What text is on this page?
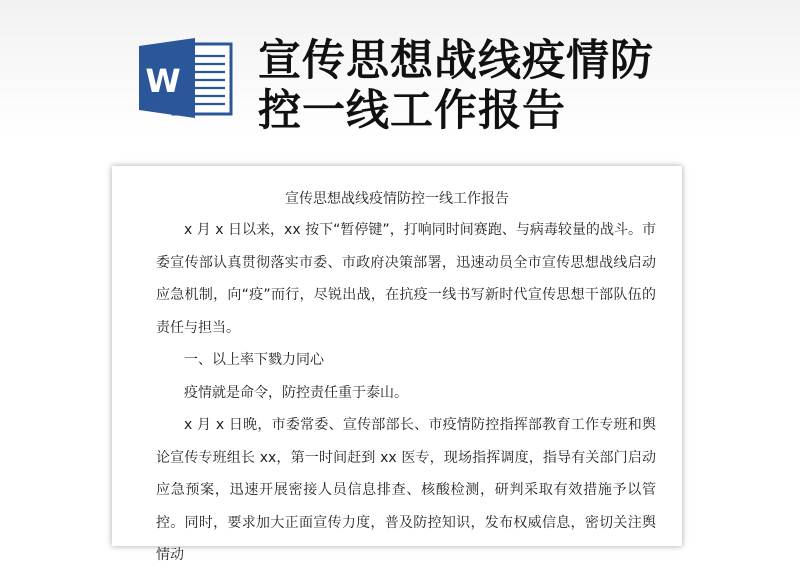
W 宣传思想战线疫情防
控一线工作报告
宣传思想战线疫情防控一线工作报告

x 月 x 日以来，xx 按下“暂停键”，打响同时间赛跑、与病毒较量的战斗。市委宣传部认真贯彻落实市委、市政府决策部署，迅速动员全市宣传思想战线启动应急机制，向“疫”而行，尽锐出战，在抗疫一线书写新时代宣传思想干部队伍的责任与担当。

一、以上率下戮力同心

疫情就是命令，防控责任重于泰山。

x 月 x 日晚，市委常委、宣传部部长、市疫情防控指挥部教育工作专班和舆论宣传专班组长 xx，第一时间赶到 xx 医专，现场指挥调度，指导有关部门启动应急预案，迅速开展密接人员信息排查、核酸检测，研判采取有效措施予以管控。同时，要求加大正面宣传力度，普及防控知识，发布权威信息，密切关注舆情动
